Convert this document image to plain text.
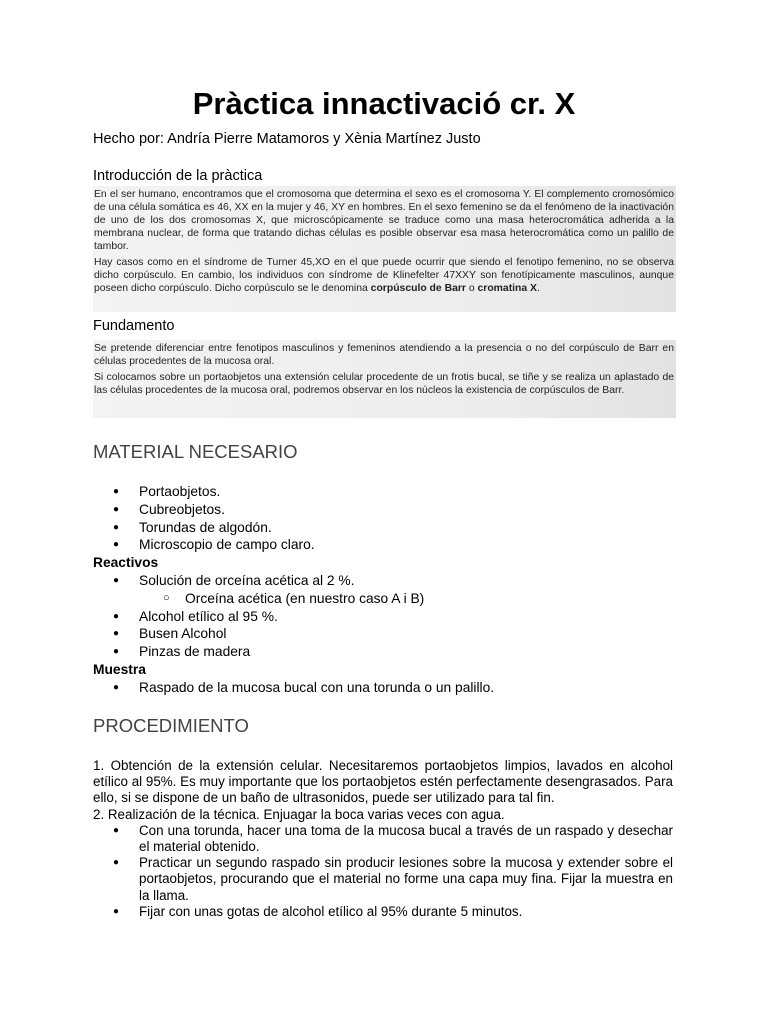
Pràctica innactivació cr. X

Hecho por: Andría Pierre Matamoros y Xènia Martínez Justo

Introducción de la pràctica

En el ser humano, encontramos que el cromosoma que determina el sexo es el cromosoma Y. El complemento cromosómico de una célula somática es 46, XX en la mujer y 46, XY en hombres. En el sexo femenino se da el fenómeno de la inactivación de uno de los dos cromosomas X, que microscópicamente se traduce como una masa heterocromática adherida a la membrana nuclear, de forma que tratando dichas células es posible observar esa masa heterocromática como un palillo de tambor.

Hay casos como en el síndrome de Turner 45,XO en el que puede ocurrir que siendo el fenotipo femenino, no se observa dicho corpúsculo. En cambio, los individuos con síndrome de Klinefelter 47XXY son fenotípicamente masculinos, aunque poseen dicho corpúsculo. Dicho corpúsculo se le denomina corpúsculo de Barr o cromatina X.

Fundamento

Se pretende diferenciar entre fenotipos masculinos y femeninos atendiendo a la presencia o no del corpúsculo de Barr en células procedentes de la mucosa oral.

Si colocamos sobre un portaobjetos una extensión celular procedente de un frotis bucal, se tiñe y se realiza un aplastado de las células procedentes de la mucosa oral, podremos observar en los núcleos la existencia de corpúsculos de Barr.

MATERIAL NECESARIO
● Portaobjetos.
● Cubreobjetos.
● Torundas de algodón.
● Microscopio de campo claro.
Reactivos
● Solución de orceína acética al 2 %.
○ Orceína acética (en nuestro caso A i B)
● Alcohol etílico al 95 %.
● Busen Alcohol
● Pinzas de madera
Muestra
● Raspado de la mucosa bucal con una torunda o un palillo.
PROCEDIMIENTO

1. Obtención de la extensión celular. Necesitaremos portaobjetos limpios, lavados en alcohol etílico al 95%. Es muy importante que los portaobjetos estén perfectamente desengrasados. Para ello, si se dispone de un baño de ultrasonidos, puede ser utilizado para tal fin.

2. Realización de la técnica. Enjuagar la boca varias veces con agua.

● Con una torunda, hacer una toma de la mucosa bucal a través de un raspado y desechar el material obtenido.
● Practicar un segundo raspado sin producir lesiones sobre la mucosa y extender sobre el portaobjetos, procurando que el material no forme una capa muy fina. Fijar la muestra en la llama.
● Fijar con unas gotas de alcohol etílico al 95% durante 5 minutos.
